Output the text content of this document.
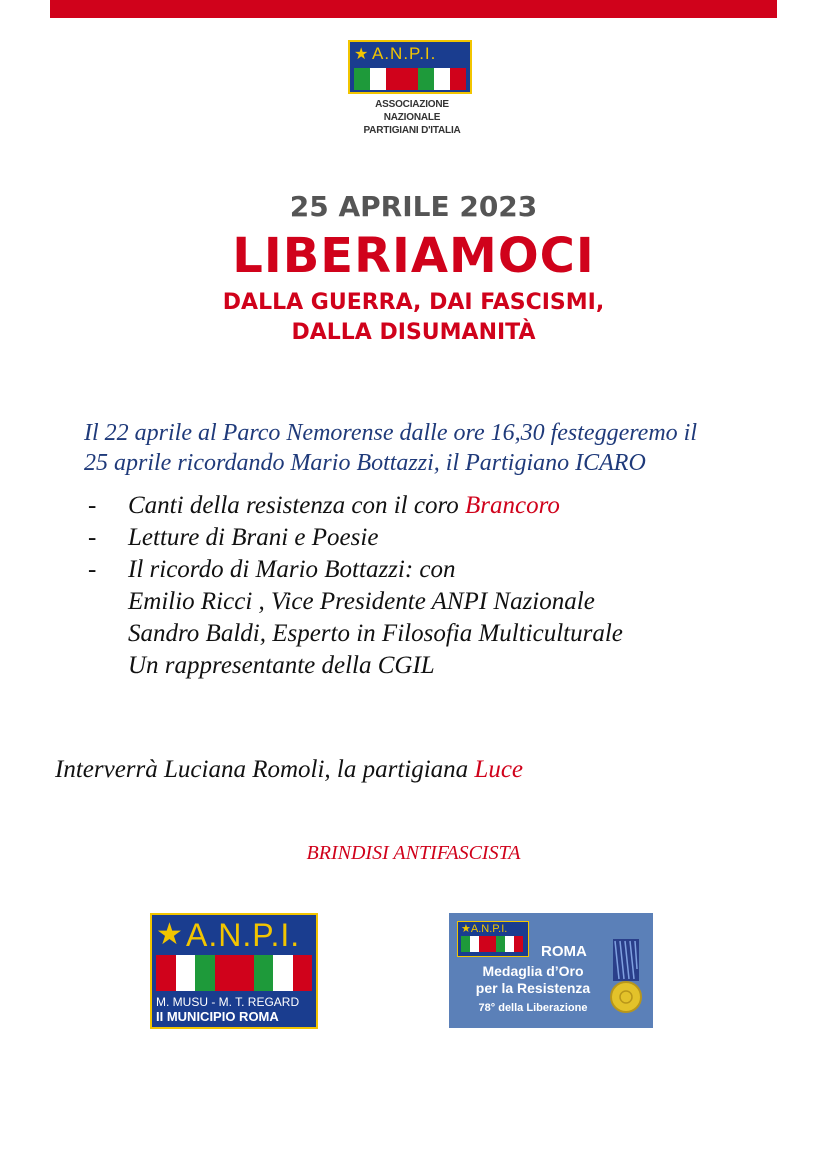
★ A.N.P.I.
ASSOCIAZIONE NAZIONALE
PARTIGIANI D'ITALIA
25 APRILE 2023
LIBERIAMOCI
DALLA GUERRA, DAI FASCISMI,
DALLA DISUMANITÀ
Il 22 aprile al Parco Nemorense dalle ore 16,30 festeggeremo il
25 aprile ricordando Mario Bottazzi, il Partigiano ICARO
-	Canti della resistenza con il coro Brancoro
-	Letture di Brani e Poesie
-	Il ricordo di Mario Bottazzi: con
Emilio Ricci , Vice Presidente ANPI Nazionale
Sandro Baldi, Esperto in Filosofia Multiculturale
Un rappresentante della CGIL
Interverrà Luciana Romoli, la partigiana Luce
BRINDISI ANTIFASCISTA
★ A.N.P.I.
M. MUSU - M. T. REGARD
II MUNICIPIO ROMA
★A.N.P.I.
ROMA
Medaglia d’Oro
per la Resistenza
78° della Liberazione
